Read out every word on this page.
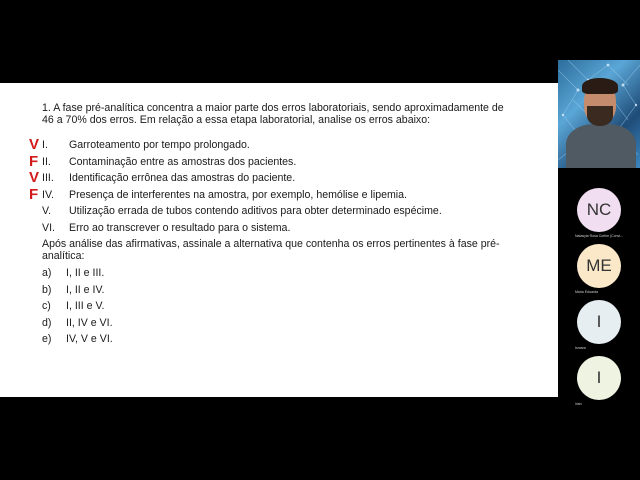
1. A fase pré-analítica concentra a maior parte dos erros laboratoriais, sendo aproximadamente de 46 a 70% dos erros. Em relação a essa etapa laboratorial, analise os erros abaixo:
I. Garroteamento por tempo prolongado.
V
II. Contaminação entre as amostras dos pacientes.
F
III. Identificação errônea das amostras do paciente.
V
IV. Presença de interferentes na amostra, por exemplo, hemólise e lipemia.
F
V. Utilização errada de tubos contendo aditivos para obter determinado espécime.
VI. Erro ao transcrever o resultado para o sistema.
Após análise das afirmativas, assinale a alternativa que contenha os erros pertinentes à fase pré-analítica:
a) I, II e III.
b) I, II e IV.
c) I, III e V.
d) II, IV e VI.
e) IV, V e VI.
NC
Natasyla Rosa Cotrim (Convi...
ME
Maria Eduarda
I
Ismara
I
irian
